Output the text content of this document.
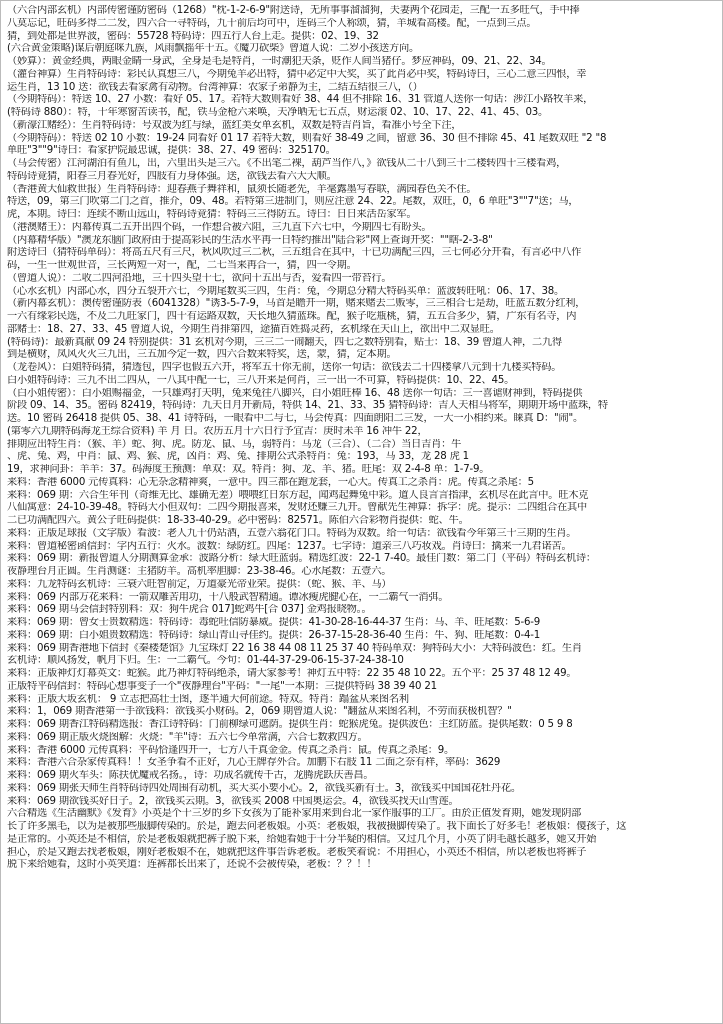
（六合内部玄机）内部传密谨防密码（1268）"枕-1-2-6-9"附送诗，无所事事溜溜狗，夫妻两个花园走，三配一五多旺气，手中捧
八莫忘记，旺码多得二二发，四六合一寻特码，九十前后均可中，连码三个人称颂，猜，羊城看高楼。配，一点到三点。
猜，到处都是世界波，密码：55728 特码诗：四五行人台上走。提供：02、19、32
(六合黄金策略)谋后朝庭咪九族，风雨飘摇年十五。《魔刀砍柴》曾道人说：二岁小孩送方向。
（妙算）：黄金经典，两眼金睛一身武，全身是毛是特肖，一时潮犯天条，贬作人间当猪仔。梦应神码，09、21、22、34。
（灌台神算）生肖特码诗：彩民认真想三八，今期兔羊必出特，猜中必定中大奖，买了此肖必中奖，特码诗曰，三心二意三四恨，幸
运生肖，13 10 送：欲钱去看家禽有动物。台湾神算：农家子弟静为主，二结五结很三八，（）
（今期特码）：特送 10、27 小数：看好 05、17。若特大数则看好 38、44 但不排除 16、31 管道人送你一句话：涉江小路牧羊来，
(特码诗 880）：特，十年寒窗苦读书，配，铁马金枪六来唤，天净晒无七五点，财运滚 02、10、17、22、41、45、03。
（新濠江赌经）：生肖特码诗：号双波为红与绿，蓝红美女单玄机，双数是特吉肖旨，看准小号全下注，
（今期特码）：特送 02 10 小数：19-24 同看好 01 17 若特大数，则看好 38-49 之间，留意 36、30 但不排除 45、41 尾数双旺 "2 "8
单旺"3""9"诗曰：看家护院最忠诚，提供：38、27、49 密码：325170。
（马会传密）江河湖泊有鱼儿，出，六里出头是三六。《不出笔二裸，葫芦当作八，》欲钱从二十八到三十二楼转四十三楼看鸡，
特码诗竟猜，阳春三月春光好，四肢有力身体强。送，欲钱去看六大大顺。
（香港黄大仙救世报）生肖特码诗：迎春燕子舞祥和，鼠须长随老先，羊毫露墨写春联，满园春色关不住。
特送，09，第三门吹第二门之首，推介，09、48。若特第三进制门，则应注意 24、22。尾数，双旺，0，6 单旺"3""7"送；马，
虎，本期。诗曰：连续不断山远山，特码诗竟猜：特码三三得防五。诗曰：日日来活岳家军。
（港澳赌王）：内幕传真二五开出四个码，一作想合被六阻，三九直下六七中，今期四七有盼头。
（内幕精华版）"澳龙东脑门政府由于提高彩民的生活水平再一日特约推出"陆合彩"网上查询开奖：""瞎-2-3-8"
附送诗曰（猜特码单码）：将高五尺有三尺，秋风吹过三二秋，三五组合在其中，十已功满配三四，三七何必分开看，有言必中八作
码，一生一世观世音，三长两短一对一，配，二七当来再合一，猜，四一令期。
（曾道人说）：二收二四河沿地，三十四头望十七，欲问十五出与否，爱看四一带苔行。
（心水玄机）内部心水，四分五裂开六七，今期尾数买三四，生肖：兔，今期总分精大特码买单：蓝波转旺吼：06、17、38。
（新内幕玄机）：澳传密谨防表（6041328）"诱3-5-7-9，马首是瞻开一期，赌来赌去二贩零，三三相合七是劫，旺蓝五数分红利，
一六有缘彩民选，不及二九旺家门，四十有运路双数，天长地久猜蓝珠。配，猴子吃瓶桃，猜，五五合多少，猜，广东有名寺，内
部赌士：18、27、33、45 曾道人说，今期生肖排第四，途猫百姓捣灵药，玄机缘在天山上，欲出中二双显旺。
(特码诗)：最新真献 09 24 特别提供：31 玄机对今期，三三二一闹翻天，四七之数特别看，贴士：18、39 曾道人神，二九得
到是横财，凤风火火三九出，三五加今定一数，四六合数来特奖，送，蒙，猜，定本期。
（龙卷风）：白姐特码猜，猜透包，四字也假五六开，将军五十你无前，送你一句话：欲钱去二十四楼拿八元到十九楼买特码。
白小姐特码诗：三九不出二四从，一八其中配一七，三八开来是何肖，三一出一不可算，特码提供：10、22、45。
（白小姐传密）：白小姐赐福金，一只雄鸡打天明，兔来兔往八脚兴，白小姐旺棒 16、48 送你一句话：三一喜谑财神到，特码提供
阶段 09、14、35。密码 82419，特码诗：九天日月开新局，特供 14、21、33、35 猜特码诗：吉人天相马将军，期期开场中蓝珠，特
送。10 密码 26418 提供 05、38、41 诗特码，一眼看中二与七，马会传真：四面朗阳二三发，一大一小相约来。睐真 D："闹"。
(第零六九期特码海龙王综合资料) 羊 月 日。农历五月十六日行予宜吉：庚时未羊 16 冲牛 22，
排期应出特生肖：（猴、羊）蛇、狗、虎。防龙、鼠、马，弱特肖：马龙（三合）、（二合）当日吉肖：牛
、虎、兔、鸡，中肖：鼠、鸡、猴、虎，凶肖：鸡、兔、排期公式杀特肖：兔：193，马 33，龙 28 虎 1
19，求神问卦：羊羊：37。码海度王预测：单双：双。特肖：狗、龙、羊、猪。旺尾：双 2-4-8 单：1-7-9。
来料：香港 6000 元传真料：心无杂念精神爽，一意中。四三都在跑龙套，一心大。传真工之杀肖：虎。传真之杀尾：5
来料：069 期：六合生年刊（奇维无比、雄确无差）喂喂红日东方起，闻鸡起舞兔中彩。道人良言言指津，玄机尽在此言中。旺木克
八仙寓意：24-10-39-48。特码大小但双句：二四今期报喜来，发财还赚三九开。曾献先生神算：拆字：虎。提示：二四组合在其中
二已功满配四六。黄公子旺码提供：18-33-40-29。必中密码：82571。陈伯六合彩物肖提供：蛇、牛。
来料：正版足球报（文字版）看波：老人九十仍站酒，五壹六翁花门口。特码为双数。给一句话：欲钱看今年第三十三期的生肖。
来料：曾道秘密函信封：字内五行：火水。波数：绿防红。四尾：1237。七字诗：道亲三八巧妆戏。肖诗曰：擒来一九君诺苦。
来料：069 期：新报曾道人分期测算金承：波路分析：绿大旺蓝弱。精选红波：22-1 7-40。最佳门数：第二门（平码）特码玄机诗：
夜静理台月正圆。生肖测谜：主猪防羊。高机率胆脚：23-38-46。心水尾数：五壹六。
来料：九龙特码玄机诗：三衰六旺智前定，万道豪光帝业荣。提供：（蛇、猴、羊、马）
来料：069 内部万花来料：一箭双雕苦用功，十八般武智精通。谭冰瘦虎腱心在，一二霸气一消弭。
来料：069 期马会信封特别料：双：狗牛虎合 017]蛇鸡牛[合 037] 金鸡报晓物。。
来料：069 期：曾女士贵数精选：特码诗：毒蛇吐信防暴威。提供：41-30-28-16-44-37 生肖：马、羊、旺尾数：5-6-9
来料：069 期：白小姐贵数精选：特码诗：绿山青山寻佳约。提供：26-37-15-28-36-40 生肖：牛、狗、旺尾数：0-4-1
来料：069 期香港地下信封《秦楼楚馆》九宝珠灯 22 16 38 44 08 11 25 37 40 特码单双：狗特码大小：大特码波色：红。生肖
玄机诗：顺风扬发，帆月下归。生：一二霸气。今句：01-44-37-29-06-15-37-24-38-10
来料：正版神灯灯幕英文：蛇猴。此乃神灯特码绝杀，请大家参考！神灯五中特：22 35 48 10 22。五个平：25 37 48 12 49。
正版特平码信封：特码心想事变子一个"夜静理台"平码："一尾"一本期：三提供特码 38 39 40 21
来料：正版大坂玄机： 9 立志把高壮士图，逐半通大何前途。特双。特肖：蹋盆从来图名利
来料：1，069 期香港第一手欲钱料：欲钱买小财码。2，069 期曾道人说："翻盆从来图名利，不劳而获极机智？"
来料：069 期香江特码精选报：香江诗特码：门前柳绿可遮荫。提供生肖：蛇猴虎兔。提供波色：主红防蓝。提供尾数：0 5 9 8
来料：069 期正版火烧图解：火烧："羊"诗：五六七今单常满，六合七数救四方。
来料：香港 6000 元传真料：平码恰逢四开一，七方八千真金金。传真之杀肖：鼠。传真之杀尾：9。
来料：香港六合杂家传真料！！女圣争看不正好，九心王牌存外合。加鹏下右肢 11 二面之奈有样，率码：3629
来料：069 期火车头：陈扶优魔戒名扬。，诗：功成名就传千古，龙腾虎跃庆善昌。
来料：069 期张天师生肖特码诗四处周围有动机，买大买小要小心。2，欲钱买新有士。3，欲钱买中国国花牡丹花。
来料：069 期欲钱买好日子。2，欲钱买云期。3，欲钱买 2008 中国奥运会。4，欲钱买找天山雪莲。
六合精选《生活幽默》《发育》小英是个十三岁的乡下女孩为了能补家用来到台北一家作服事的工厂。由於正值发育期，她发现阴部
长了许多黑毛，以为是被那些服脚传染的。於是，跑去问老板娘。小英：老板娘，我被摄脚传染了。我下面长了好多毛！老板娘：傻孩子，这
是正常的。小英还是不相信，於是老板娘就把裤子脱下来，给她看她于十分半疑的相信。又过几个月，小英了阴毛越长越多，她又开始
担心，於是又跑去找老板娘，刚好老板娘不在，她就把这件事告诉老板。老板笑着说：不用担心，小英还不相信，所以老板也将裤子
脱下来给她看，这时小英笑道：连裤都长出来了，还说不会被传染，老板：？？！！
